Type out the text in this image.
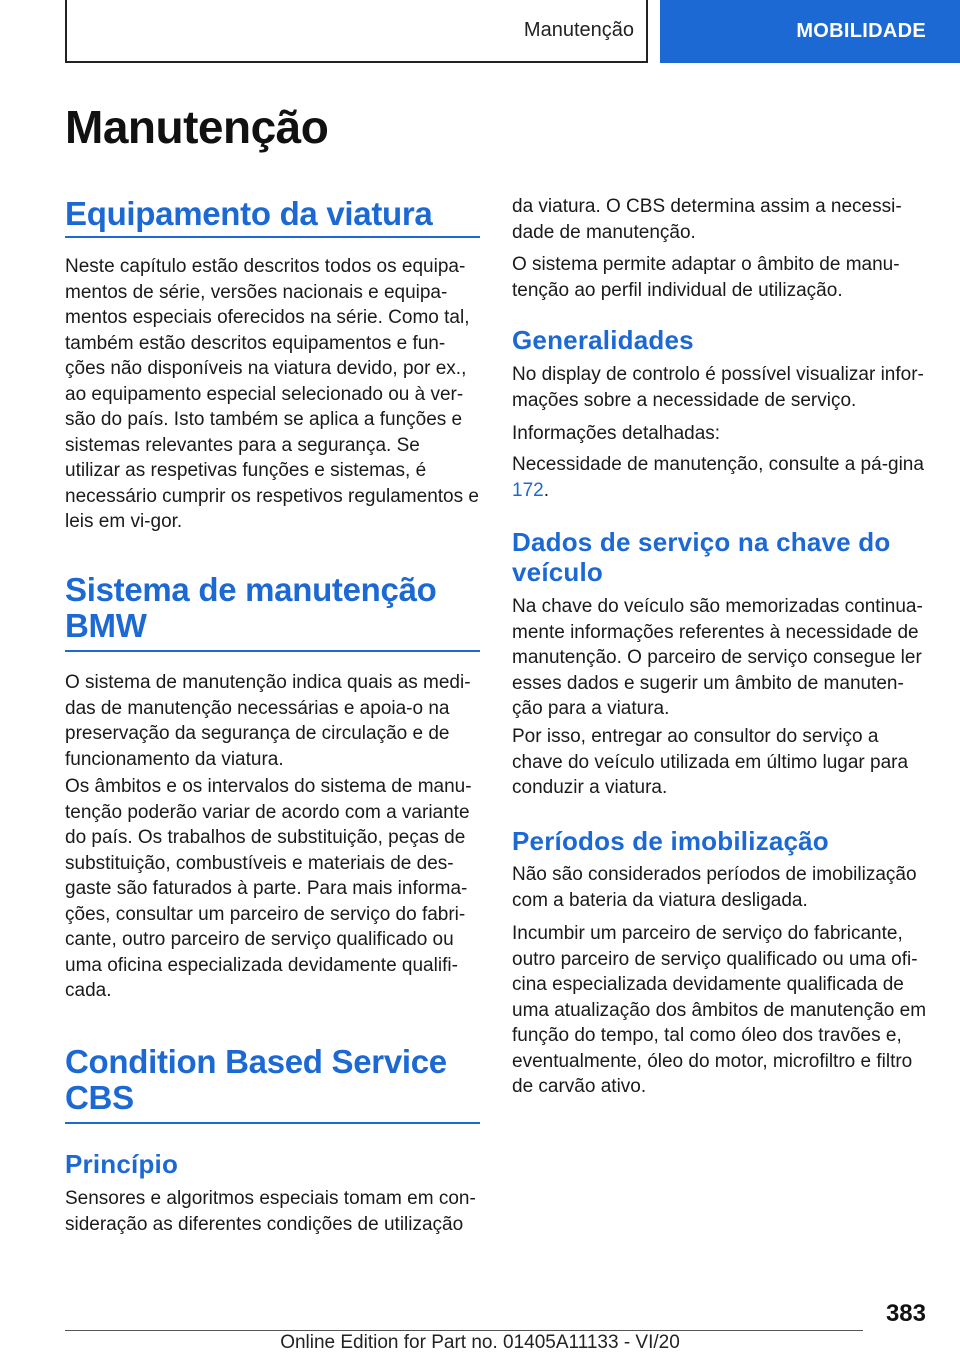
Manutenção	MOBILIDADE
Manutenção
Equipamento da viatura

Neste capítulo estão descritos todos os equipa-mentos de série, versões nacionais e equipa-mentos especiais oferecidos na série. Como tal, também estão descritos equipamentos e fun-ções não disponíveis na viatura devido, por ex., ao equipamento especial selecionado ou à ver-são do país. Isto também se aplica a funções e sistemas relevantes para a segurança. Se utilizar as respetivas funções e sistemas, é necessário cumprir os respetivos regulamentos e leis em vi-gor.

Sistema de manutenção BMW

O sistema de manutenção indica quais as medi-das de manutenção necessárias e apoia-o na preservação da segurança de circulação e de funcionamento da viatura.

Os âmbitos e os intervalos do sistema de manu-tenção poderão variar de acordo com a variante do país. Os trabalhos de substituição, peças de substituição, combustíveis e materiais de des-gaste são faturados à parte. Para mais informa-ções, consultar um parceiro de serviço do fabri-cante, outro parceiro de serviço qualificado ou uma oficina especializada devidamente qualifi-cada.

Condition Based Service CBS
Princípio

Sensores e algoritmos especiais tomam em con-sideração as diferentes condições de utilização

da viatura. O CBS determina assim a necessi-dade de manutenção.

O sistema permite adaptar o âmbito de manu-tenção ao perfil individual de utilização.

Generalidades

No display de controlo é possível visualizar infor-mações sobre a necessidade de serviço.

Informações detalhadas:

Necessidade de manutenção, consulte a pá-gina 172.

Dados de serviço na chave do veículo

Na chave do veículo são memorizadas continua-mente informações referentes à necessidade de manutenção. O parceiro de serviço consegue ler esses dados e sugerir um âmbito de manuten-ção para a viatura.

Por isso, entregar ao consultor do serviço a chave do veículo utilizada em último lugar para conduzir a viatura.

Períodos de imobilização

Não são considerados períodos de imobilização com a bateria da viatura desligada.

Incumbir um parceiro de serviço do fabricante, outro parceiro de serviço qualificado ou uma ofi-cina especializada devidamente qualificada de uma atualização dos âmbitos de manutenção em função do tempo, tal como óleo dos travões e, eventualmente, óleo do motor, microfiltro e filtro de carvão ativo.

383
Online Edition for Part no. 01405A11133 - VI/20
